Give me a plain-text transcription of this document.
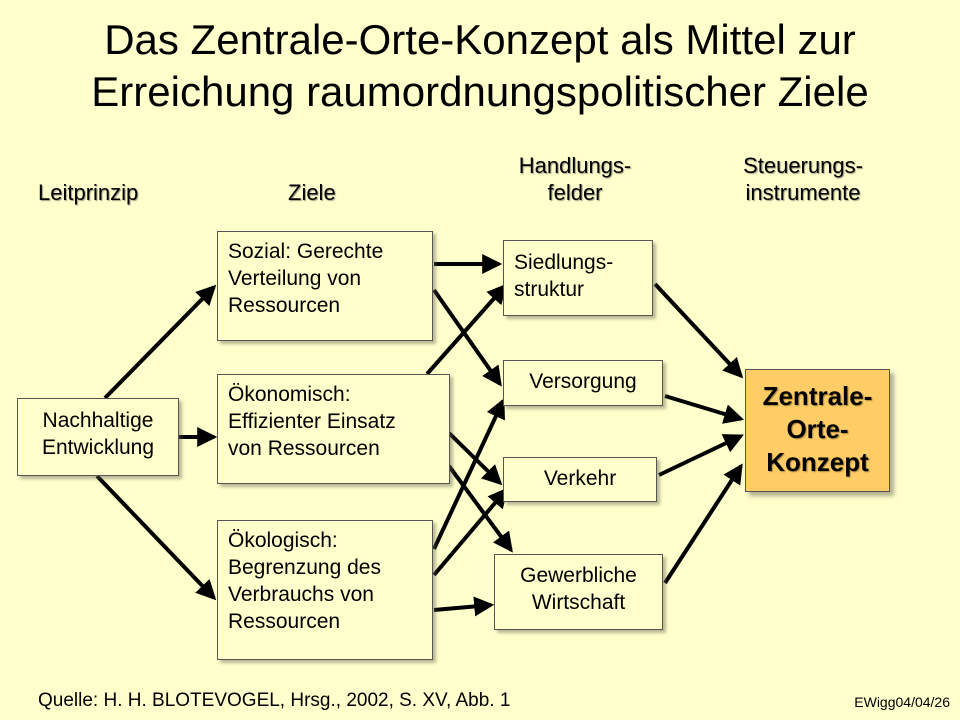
Das Zentrale-Orte-Konzept als Mittel zur
Erreichung raumordnungspolitischer Ziele
Leitprinzip	Ziele
Handlungs-
felder
Steuerungs-
instrumente
Nachhaltige
Entwicklung
Sozial: Gerechte
Verteilung von
Ressourcen
Ökonomisch:
Effizienter Einsatz
von Ressourcen
Ökologisch:
Begrenzung des
Verbrauchs von
Ressourcen
Siedlungs-
struktur
Versorgung
Verkehr
Gewerbliche
Wirtschaft
Zentrale-
Orte-
Konzept
Quelle: H. H. BLOTEVOGEL, Hrsg., 2002, S. XV, Abb. 1	EWigg04/04/26
